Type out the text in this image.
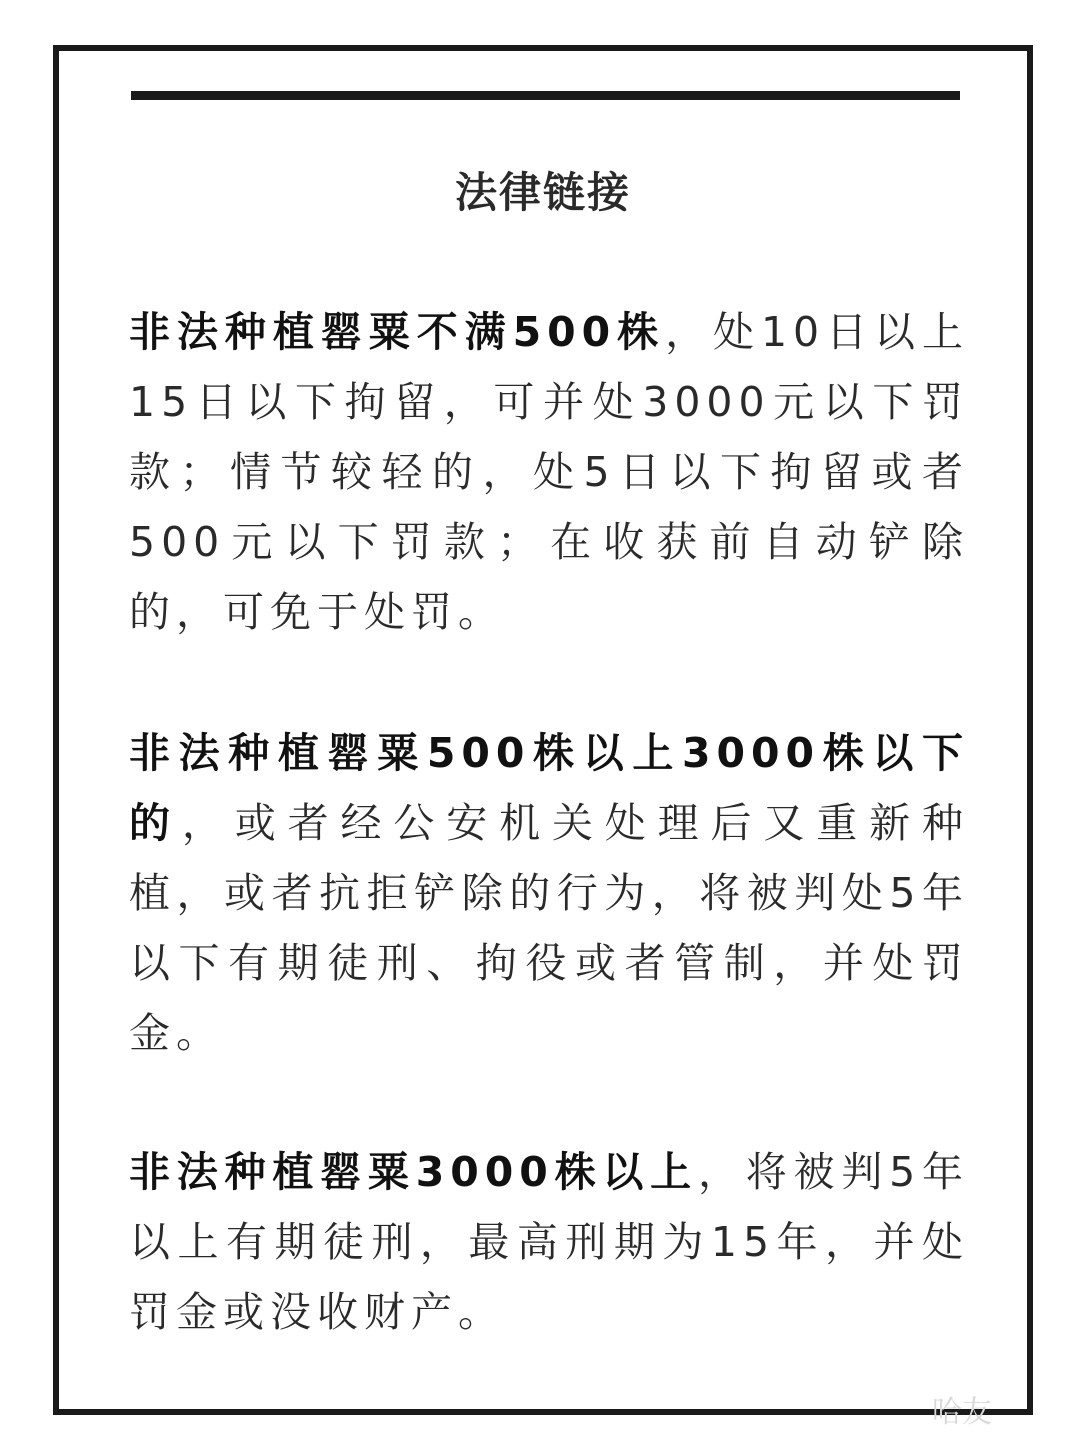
法律链接
非法种植罂粟不满500株，处10日以上15日以下拘留，可并处3000元以下罚款；情节较轻的，处5日以下拘留或者500元以下罚款；在收获前自动铲除的，可免于处罚。
非法种植罂粟500株以上3000株以下的，或者经公安机关处理后又重新种植，或者抗拒铲除的行为，将被判处5年以下有期徒刑、拘役或者管制，并处罚金。
非法种植罂粟3000株以上，将被判5年以上有期徒刑，最高刑期为15年，并处罚金或没收财产。
哈友
